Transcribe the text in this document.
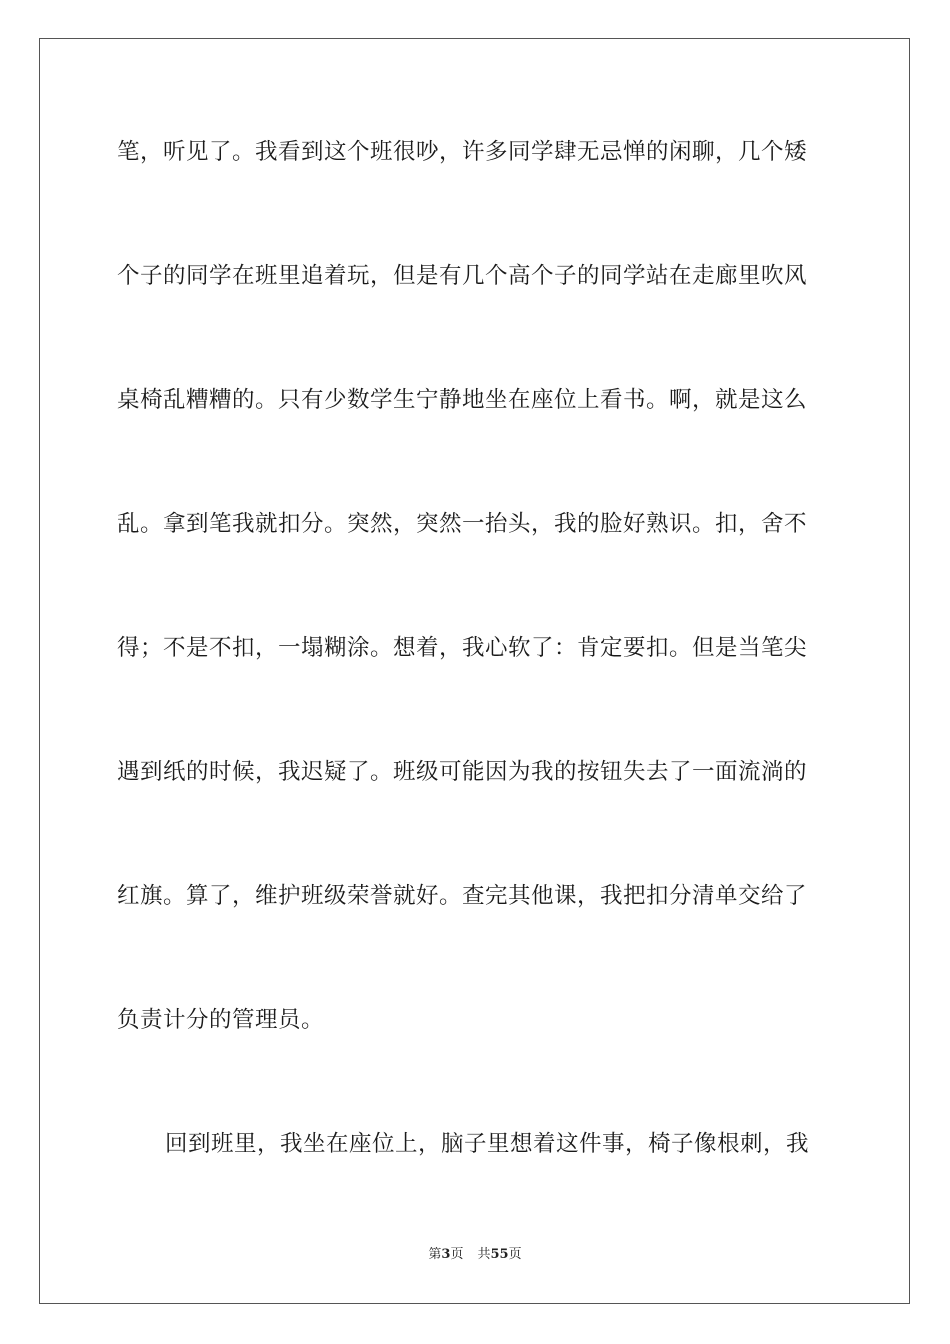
笔，听见了。我看到这个班很吵，许多同学肆无忌惮的闲聊，几个矮
个子的同学在班里追着玩，但是有几个高个子的同学站在走廊里吹风
桌椅乱糟糟的。只有少数学生宁静地坐在座位上看书。啊，就是这么
乱。拿到笔我就扣分。突然，突然一抬头，我的脸好熟识。扣，舍不
得；不是不扣，一塌糊涂。想着，我心软了：肯定要扣。但是当笔尖
遇到纸的时候，我迟疑了。班级可能因为我的按钮失去了一面流淌的
红旗。算了，维护班级荣誉就好。查完其他课，我把扣分清单交给了
负责计分的管理员。
回到班里，我坐在座位上，脑子里想着这件事，椅子像根刺，我
第3页 共55页
